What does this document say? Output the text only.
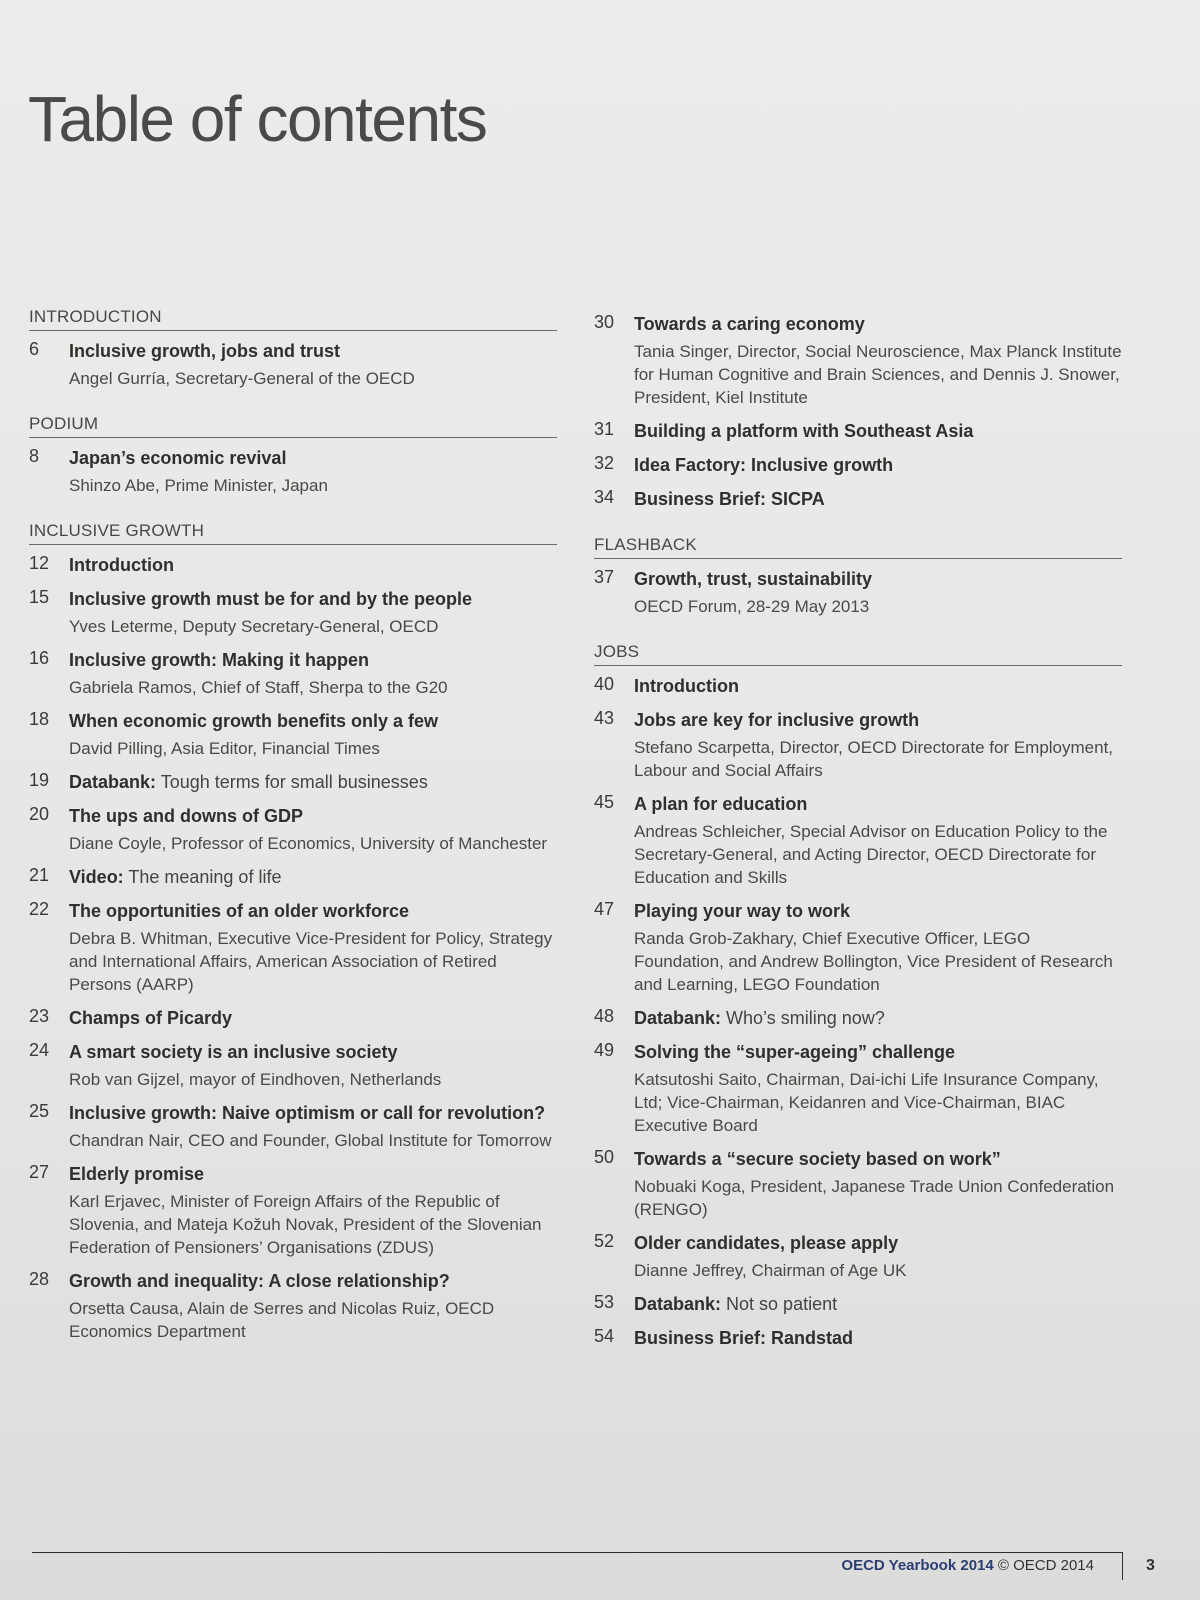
Table of contents
INTRODUCTION
6	Inclusive growth, jobs and trust
Angel Gurría, Secretary-General of the OECD
PODIUM
8	Japan’s economic revival
Shinzo Abe, Prime Minister, Japan
INCLUSIVE GROWTH
12	Introduction
15	Inclusive growth must be for and by the people
Yves Leterme, Deputy Secretary-General, OECD
16	Inclusive growth: Making it happen
Gabriela Ramos, Chief of Staff, Sherpa to the G20
18	When economic growth benefits only a few
David Pilling, Asia Editor, Financial Times
19	Databank: Tough terms for small businesses
20	The ups and downs of GDP
Diane Coyle, Professor of Economics, University of Manchester
21	Video: The meaning of life
22	The opportunities of an older workforce
Debra B. Whitman, Executive Vice-President for Policy, Strategy and International Affairs, American Association of Retired Persons (AARP)
23	Champs of Picardy
24	A smart society is an inclusive society
Rob van Gijzel, mayor of Eindhoven, Netherlands
25	Inclusive growth: Naive optimism or call for revolution?
Chandran Nair, CEO and Founder, Global Institute for Tomorrow
27	Elderly promise
Karl Erjavec, Minister of Foreign Affairs of the Republic of Slovenia, and Mateja Kožuh Novak, President of the Slovenian Federation of Pensioners’ Organisations (ZDUS)
28	Growth and inequality: A close relationship?
Orsetta Causa, Alain de Serres and Nicolas Ruiz, OECD Economics Department
30	Towards a caring economy
Tania Singer, Director, Social Neuroscience, Max Planck Institute for Human Cognitive and Brain Sciences, and Dennis J. Snower, President, Kiel Institute
31	Building a platform with Southeast Asia
32	Idea Factory: Inclusive growth
34	Business Brief: SICPA
FLASHBACK
37	Growth, trust, sustainability
OECD Forum, 28-29 May 2013
JOBS
40	Introduction
43	Jobs are key for inclusive growth
Stefano Scarpetta, Director, OECD Directorate for Employment, Labour and Social Affairs
45	A plan for education
Andreas Schleicher, Special Advisor on Education Policy to the Secretary-General, and Acting Director, OECD Directorate for Education and Skills
47	Playing your way to work
Randa Grob-Zakhary, Chief Executive Officer, LEGO Foundation, and Andrew Bollington, Vice President of Research and Learning, LEGO Foundation
48	Databank: Who’s smiling now?
49	Solving the “super-ageing” challenge
Katsutoshi Saito, Chairman, Dai-ichi Life Insurance Company, Ltd; Vice-Chairman, Keidanren and Vice-Chairman, BIAC Executive Board
50	Towards a “secure society based on work”
Nobuaki Koga, President, Japanese Trade Union Confederation (RENGO)
52	Older candidates, please apply
Dianne Jeffrey, Chairman of Age UK
53	Databank: Not so patient
54	Business Brief: Randstad
OECD Yearbook 2014 © OECD 2014	3
